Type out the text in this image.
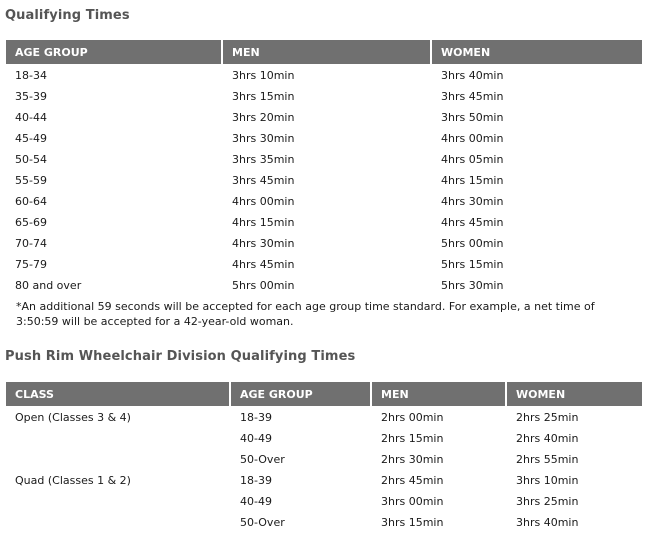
Qualifying Times
AGE GROUP	MEN	WOMEN
18-34	3hrs 10min	3hrs 40min
35-39	3hrs 15min	3hrs 45min
40-44	3hrs 20min	3hrs 50min
45-49	3hrs 30min	4hrs 00min
50-54	3hrs 35min	4hrs 05min
55-59	3hrs 45min	4hrs 15min
60-64	4hrs 00min	4hrs 30min
65-69	4hrs 15min	4hrs 45min
70-74	4hrs 30min	5hrs 00min
75-79	4hrs 45min	5hrs 15min
80 and over	5hrs 00min	5hrs 30min

*An additional 59 seconds will be accepted for each age group time standard. For example, a net time of 3:50:59 will be accepted for a 42-year-old woman.

Push Rim Wheelchair Division Qualifying Times
CLASS	AGE GROUP	MEN	WOMEN
Open (Classes 3 & 4)	18-39	2hrs 00min	2hrs 25min
	40-49	2hrs 15min	2hrs 40min
	50-Over	2hrs 30min	2hrs 55min
Quad (Classes 1 & 2)	18-39	2hrs 45min	3hrs 10min
	40-49	3hrs 00min	3hrs 25min
	50-Over	3hrs 15min	3hrs 40min
